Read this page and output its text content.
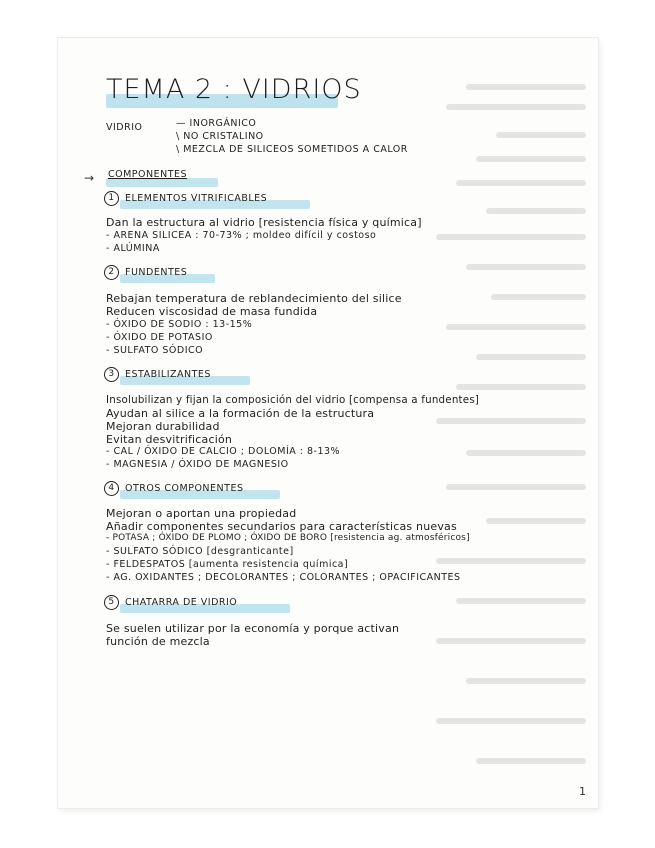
TEMA 2 : VIDRIOS
VIDRIO	— INORGÁNICO
\ NO CRISTALINO
\ MEZCLA DE SILICEOS SOMETIDOS A CALOR
→ COMPONENTES
1 ELEMENTOS VITRIFICABLES
Dan la estructura al vidrio [resistencia física y química]
- ARENA SILICEA : 70-73% ; moldeo difícil y costoso
- ALÚMINA
2 FUNDENTES
Rebajan temperatura de reblandecimiento del silice
Reducen viscosidad de masa fundida
- ÓXIDO DE SODIO : 13-15%
- ÓXIDO DE POTASIO
- SULFATO SÓDICO
3 ESTABILIZANTES
Insolubilizan y fijan la composición del vidrio [compensa a fundentes]
Ayudan al silice a la formación de la estructura
Mejoran durabilidad
Evitan desvitrificación
- CAL / ÓXIDO DE CALCIO ; DOLOMÍA : 8-13%
- MAGNESIA / ÓXIDO DE MAGNESIO
4 OTROS COMPONENTES
Mejoran o aportan una propiedad
Añadir componentes secundarios para características nuevas
- POTASA ; ÓXIDO DE PLOMO ; ÓXIDO DE BORO [resistencia ag. atmosféricos]
- SULFATO SÓDICO [desgranticante]
- FELDESPATOS [aumenta resistencia química]
- AG. OXIDANTES ; DECOLORANTES ; COLORANTES ; OPACIFICANTES
5 CHATARRA DE VIDRIO
Se suelen utilizar por la economía y porque activan
función de mezcla
1
